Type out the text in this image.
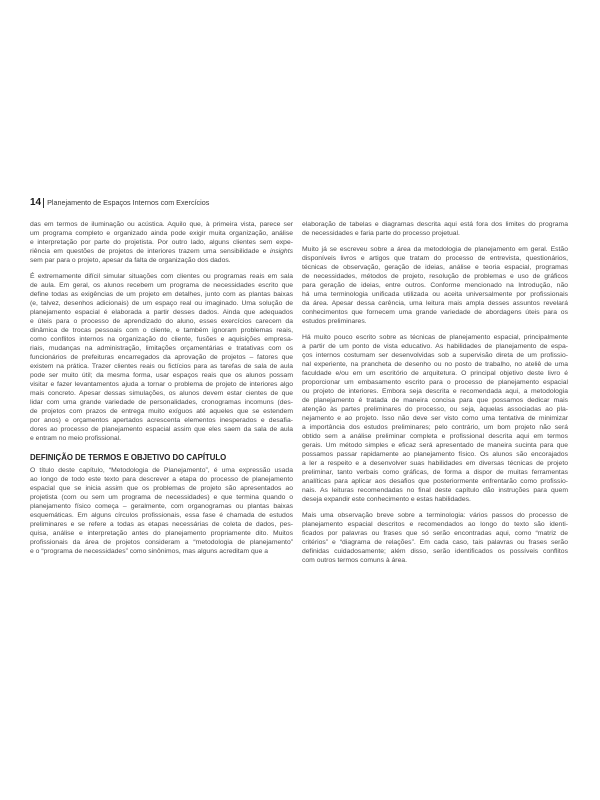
14 Planejamento de Espaços Internos com Exercícios
das em termos de iluminação ou acústica. Aquilo que, à primeira vista, parece ser
um programa completo e organizado ainda pode exigir muita organização, análise
e interpretação por parte do projetista. Por outro lado, alguns clientes sem expe-
riência em questões de projetos de interiores trazem uma sensibilidade e insights
sem par para o projeto, apesar da falta de organização dos dados.
É extremamente difícil simular situações com clientes ou programas reais em sala
de aula. Em geral, os alunos recebem um programa de necessidades escrito que
define todas as exigências de um projeto em detalhes, junto com as plantas baixas
(e, talvez, desenhos adicionais) de um espaço real ou imaginado. Uma solução de
planejamento espacial é elaborada a partir desses dados. Ainda que adequados
e úteis para o processo de aprendizado do aluno, esses exercícios carecem da
dinâmica de trocas pessoais com o cliente, e também ignoram problemas reais,
como conflitos internos na organização do cliente, fusões e aquisições empresa-
riais, mudanças na administração, limitações orçamentárias e tratativas com os
funcionários de prefeituras encarregados da aprovação de projetos – fatores que
existem na prática. Trazer clientes reais ou fictícios para as tarefas de sala de aula
pode ser muito útil; da mesma forma, usar espaços reais que os alunos possam
visitar e fazer levantamentos ajuda a tornar o problema de projeto de interiores algo
mais concreto. Apesar dessas simulações, os alunos devem estar cientes de que
lidar com uma grande variedade de personalidades, cronogramas incomuns (des-
de projetos com prazos de entrega muito exíguos até aqueles que se estendem
por anos) e orçamentos apertados acrescenta elementos inesperados e desafia-
dores ao processo de planejamento espacial assim que eles saem da sala de aula
e entram no meio profissional.
DEFINIÇÃO DE TERMOS E OBJETIVO DO CAPÍTULO
O título deste capítulo, “Metodologia de Planejamento”, é uma expressão usada
ao longo de todo este texto para descrever a etapa do processo de planejamento
espacial que se inicia assim que os problemas de projeto são apresentados ao
projetista (com ou sem um programa de necessidades) e que termina quando o
planejamento físico começa – geralmente, com organogramas ou plantas baixas
esquemáticas. Em alguns círculos profissionais, essa fase é chamada de estudos
preliminares e se refere a todas as etapas necessárias de coleta de dados, pes-
quisa, análise e interpretação antes do planejamento propriamente dito. Muitos
profissionais da área de projetos consideram a “metodologia de planejamento”
e o “programa de necessidades” como sinônimos, mas alguns acreditam que a
elaboração de tabelas e diagramas descrita aqui está fora dos limites do programa
de necessidades e faria parte do processo projetual.
Muito já se escreveu sobre a área da metodologia de planejamento em geral. Estão
disponíveis livros e artigos que tratam do processo de entrevista, questionários,
técnicas de observação, geração de ideias, análise e teoria espacial, programas
de necessidades, métodos de projeto, resolução de problemas e uso de gráficos
para geração de ideias, entre outros. Conforme mencionado na Introdução, não
há uma terminologia unificada utilizada ou aceita universalmente por profissionais
da área. Apesar dessa carência, uma leitura mais ampla desses assuntos revelará
conhecimentos que fornecem uma grande variedade de abordagens úteis para os
estudos preliminares.
Há muito pouco escrito sobre as técnicas de planejamento espacial, principalmente
a partir de um ponto de vista educativo. As habilidades de planejamento de espa-
ços internos costumam ser desenvolvidas sob a supervisão direta de um profissio-
nal experiente, na prancheta de desenho ou no posto de trabalho, no ateliê de uma
faculdade e/ou em um escritório de arquitetura. O principal objetivo deste livro é
proporcionar um embasamento escrito para o processo de planejamento espacial
ou projeto de interiores. Embora seja descrita e recomendada aqui, a metodologia
de planejamento é tratada de maneira concisa para que possamos dedicar mais
atenção às partes preliminares do processo, ou seja, àquelas associadas ao pla-
nejamento e ao projeto. Isso não deve ser visto como uma tentativa de minimizar
a importância dos estudos preliminares; pelo contrário, um bom projeto não será
obtido sem a análise preliminar completa e profissional descrita aqui em termos
gerais. Um método simples e eficaz será apresentado de maneira sucinta para que
possamos passar rapidamente ao planejamento físico. Os alunos são encorajados
a ler a respeito e a desenvolver suas habilidades em diversas técnicas de projeto
preliminar, tanto verbais como gráficas, de forma a dispor de muitas ferramentas
analíticas para aplicar aos desafios que posteriormente enfrentarão como profissio-
nais. As leituras recomendadas no final deste capítulo dão instruções para quem
deseja expandir este conhecimento e estas habilidades.
Mais uma observação breve sobre a terminologia: vários passos do processo de
planejamento espacial descritos e recomendados ao longo do texto são identi-
ficados por palavras ou frases que só serão encontradas aqui, como “matriz de
critérios” e “diagrama de relações”. Em cada caso, tais palavras ou frases serão
definidas cuidadosamente; além disso, serão identificados os possíveis conflitos
com outros termos comuns à área.
